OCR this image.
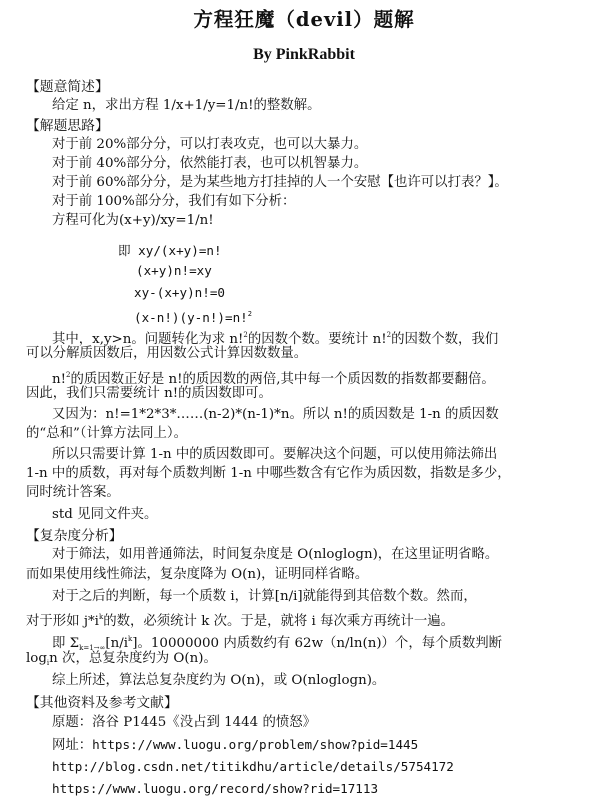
方程狂魔（devil）题解
By PinkRabbit
【题意简述】
给定 n，求出方程 1/x+1/y=1/n!的整数解。
【解题思路】
对于前 20%部分分，可以打表攻克，也可以大暴力。
对于前 40%部分分，依然能打表，也可以机智暴力。
对于前 60%部分分，是为某些地方打挂掉的人一个安慰【也许可以打表？】。
对于前 100%部分分，我们有如下分析：
方程可化为(x+y)/xy=1/n!
即 xy/(x+y)=n!
(x+y)n!=xy
xy-(x+y)n!=0
(x-n!)(y-n!)=n!$^2$
其中，x,y>n。问题转化为求 n!$^2$的因数个数。要统计 n!$^2$的因数个数，我们
可以分解质因数后，用因数公式计算因数数量。
n!$^2$的质因数正好是 n!的质因数的两倍,其中每一个质因数的指数都要翻倍。
因此，我们只需要统计 n!的质因数即可。
又因为：n!=1*2*3*……(n-2)*(n-1)*n。所以 n!的质因数是 1-n 的质因数
的“总和”（计算方法同上）。
所以只需要计算 1-n 中的质因数即可。要解决这个问题，可以使用筛法筛出
1-n 中的质数，再对每个质数判断 1-n 中哪些数含有它作为质因数，指数是多少，
同时统计答案。
std 见同文件夹。
【复杂度分析】
对于筛法，如用普通筛法，时间复杂度是 O(nloglogn)，在这里证明省略。
而如果使用线性筛法，复杂度降为 O(n)，证明同样省略。
对于之后的判断，每一个质数 i，计算[n/i]就能得到其倍数个数。然而，
对于形如 $j*i^k$的数，必须统计 k 次。于是，就将 i 每次乘方再统计一遍。
即 $\Sigma_{k=1\to\infty}[n/i^k]$。10000000 内质数约有 62w（n/ln(n)）个，每个质数判断
$\log_in$ 次，总复杂度约为 O(n)。
综上所述，算法总复杂度约为 O(n)，或 O(nloglogn)。
【其他资料及参考文献】
原题：洛谷 P1445《没占到 1444 的愤怒》
网址：https://www.luogu.org/problem/show?pid=1445
http://blog.csdn.net/titikdhu/article/details/5754172
https://www.luogu.org/record/show?rid=17113
